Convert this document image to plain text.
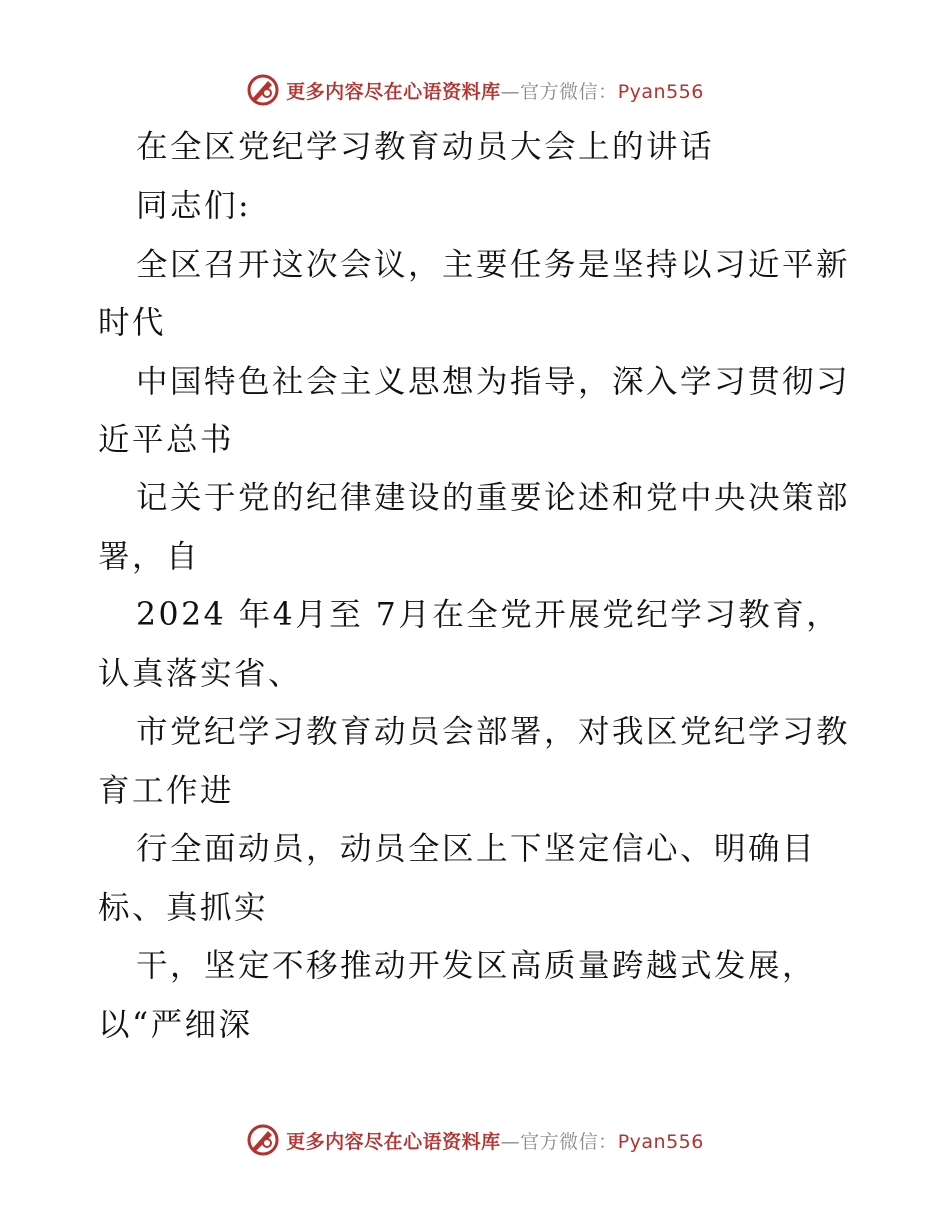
更多内容尽在心语资料库—官方微信：Pyan556
在全区党纪学习教育动员大会上的讲话
同志们:
全区召开这次会议，主要任务是坚持以习近平新
时代
中国特色社会主义思想为指导，深入学习贯彻习
近平总书
记关于党的纪律建设的重要论述和党中央决策部
署，自
2024 年4月至 7月在全党开展党纪学习教育，
认真落实省、
市党纪学习教育动员会部署，对我区党纪学习教
育工作进
行全面动员，动员全区上下坚定信心、明确目
标、真抓实
干，坚定不移推动开发区高质量跨越式发展，
以“严细深
更多内容尽在心语资料库—官方微信：Pyan556
